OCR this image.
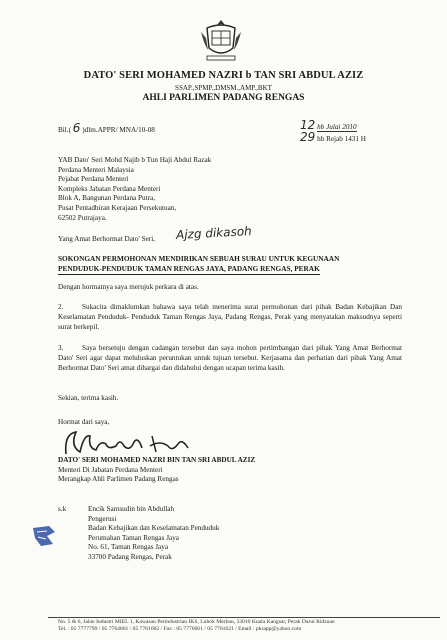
DATO' SERI MOHAMED NAZRI b TAN SRI ABDUL AZIZ
SSAP.,SPMP.,DMSM.,AMP.,BKT
AHLI PARLIMEN PADANG RENGAS
Bil.( 6 )dlm.APPR/ MNA/10-08	12 hb Julai 2010
29 hb Rejab 1431 H
YAB Dato' Seri Mohd Najib b Tun Haji Abdul Razak
Perdana Menteri Malaysia
Pejabat Perdana Menteri
Kompleks Jabatan Perdana Menteri
Blok A, Bangunan Perdana Putra,
Pusat Pentadbiran Kerajaan Persekutuan,
62502 Putrajaya.
Yang Amat Berhormat Dato' Seri, Ajzg dikasoh
SOKONGAN PERMOHONAN MENDIRIKAN SEBUAH SURAU UNTUK KEGUNAAN
PENDUDUK-PENDUDUK TAMAN RENGAS JAYA, PADANG RENGAS, PERAK
Dengan hormatnya saya merujuk perkara di atas.
2.	Sukacita dimaklumkan bahawa saya telah menerima surat permohonan dari pihak Badan Kebajikan Dan Keselamatan Penduduk- Penduduk Taman Rengas Jaya, Padang Rengas, Perak yang menyatakan maksudnya seperti surat berkepil.
3.	Saya bersetuju dengan cadangan tersebut dan saya mohon pertimbangan dari pihak Yang Amat Berhormat Dato' Seri agar dapat meluluskan peruntukan untuk tujuan tersebut. Kerjasama dan perhatian dari pihak Yang Amat Berhormat Dato' Seri amat dihargai dan didahului dengan ucapan terima kasih.
Sekian, terima kasih.
Hormat dari saya,
DATO' SERI MOHAMED NAZRI BIN TAN SRI ABDUL AZIZ
Menteri Di Jabatan Perdana Menteri
Merangkap Ahli Parlimen Padang Rengas
s.k	Encik Samsudin bin Abdullah
Pengerusi
Badan Kebajikan dan Keselamatan Penduduk
Perumahan Taman Rengas Jaya
No. 61, Taman Rengas Jaya
33700 Padang Rengas, Perak
No. 5 & 6, Jalan Industri MIEL 1, Kawasan Perindustrian IKS, Lubok Merbau, 33010 Kuala Kangsar, Perak Darul Ridzuan
Tel. : 05 7777799 / 05 7764061 / 05 7761602 / Fax : 05 7776061 / 05 7761621 / Email : pkrapp@yahoo.com
